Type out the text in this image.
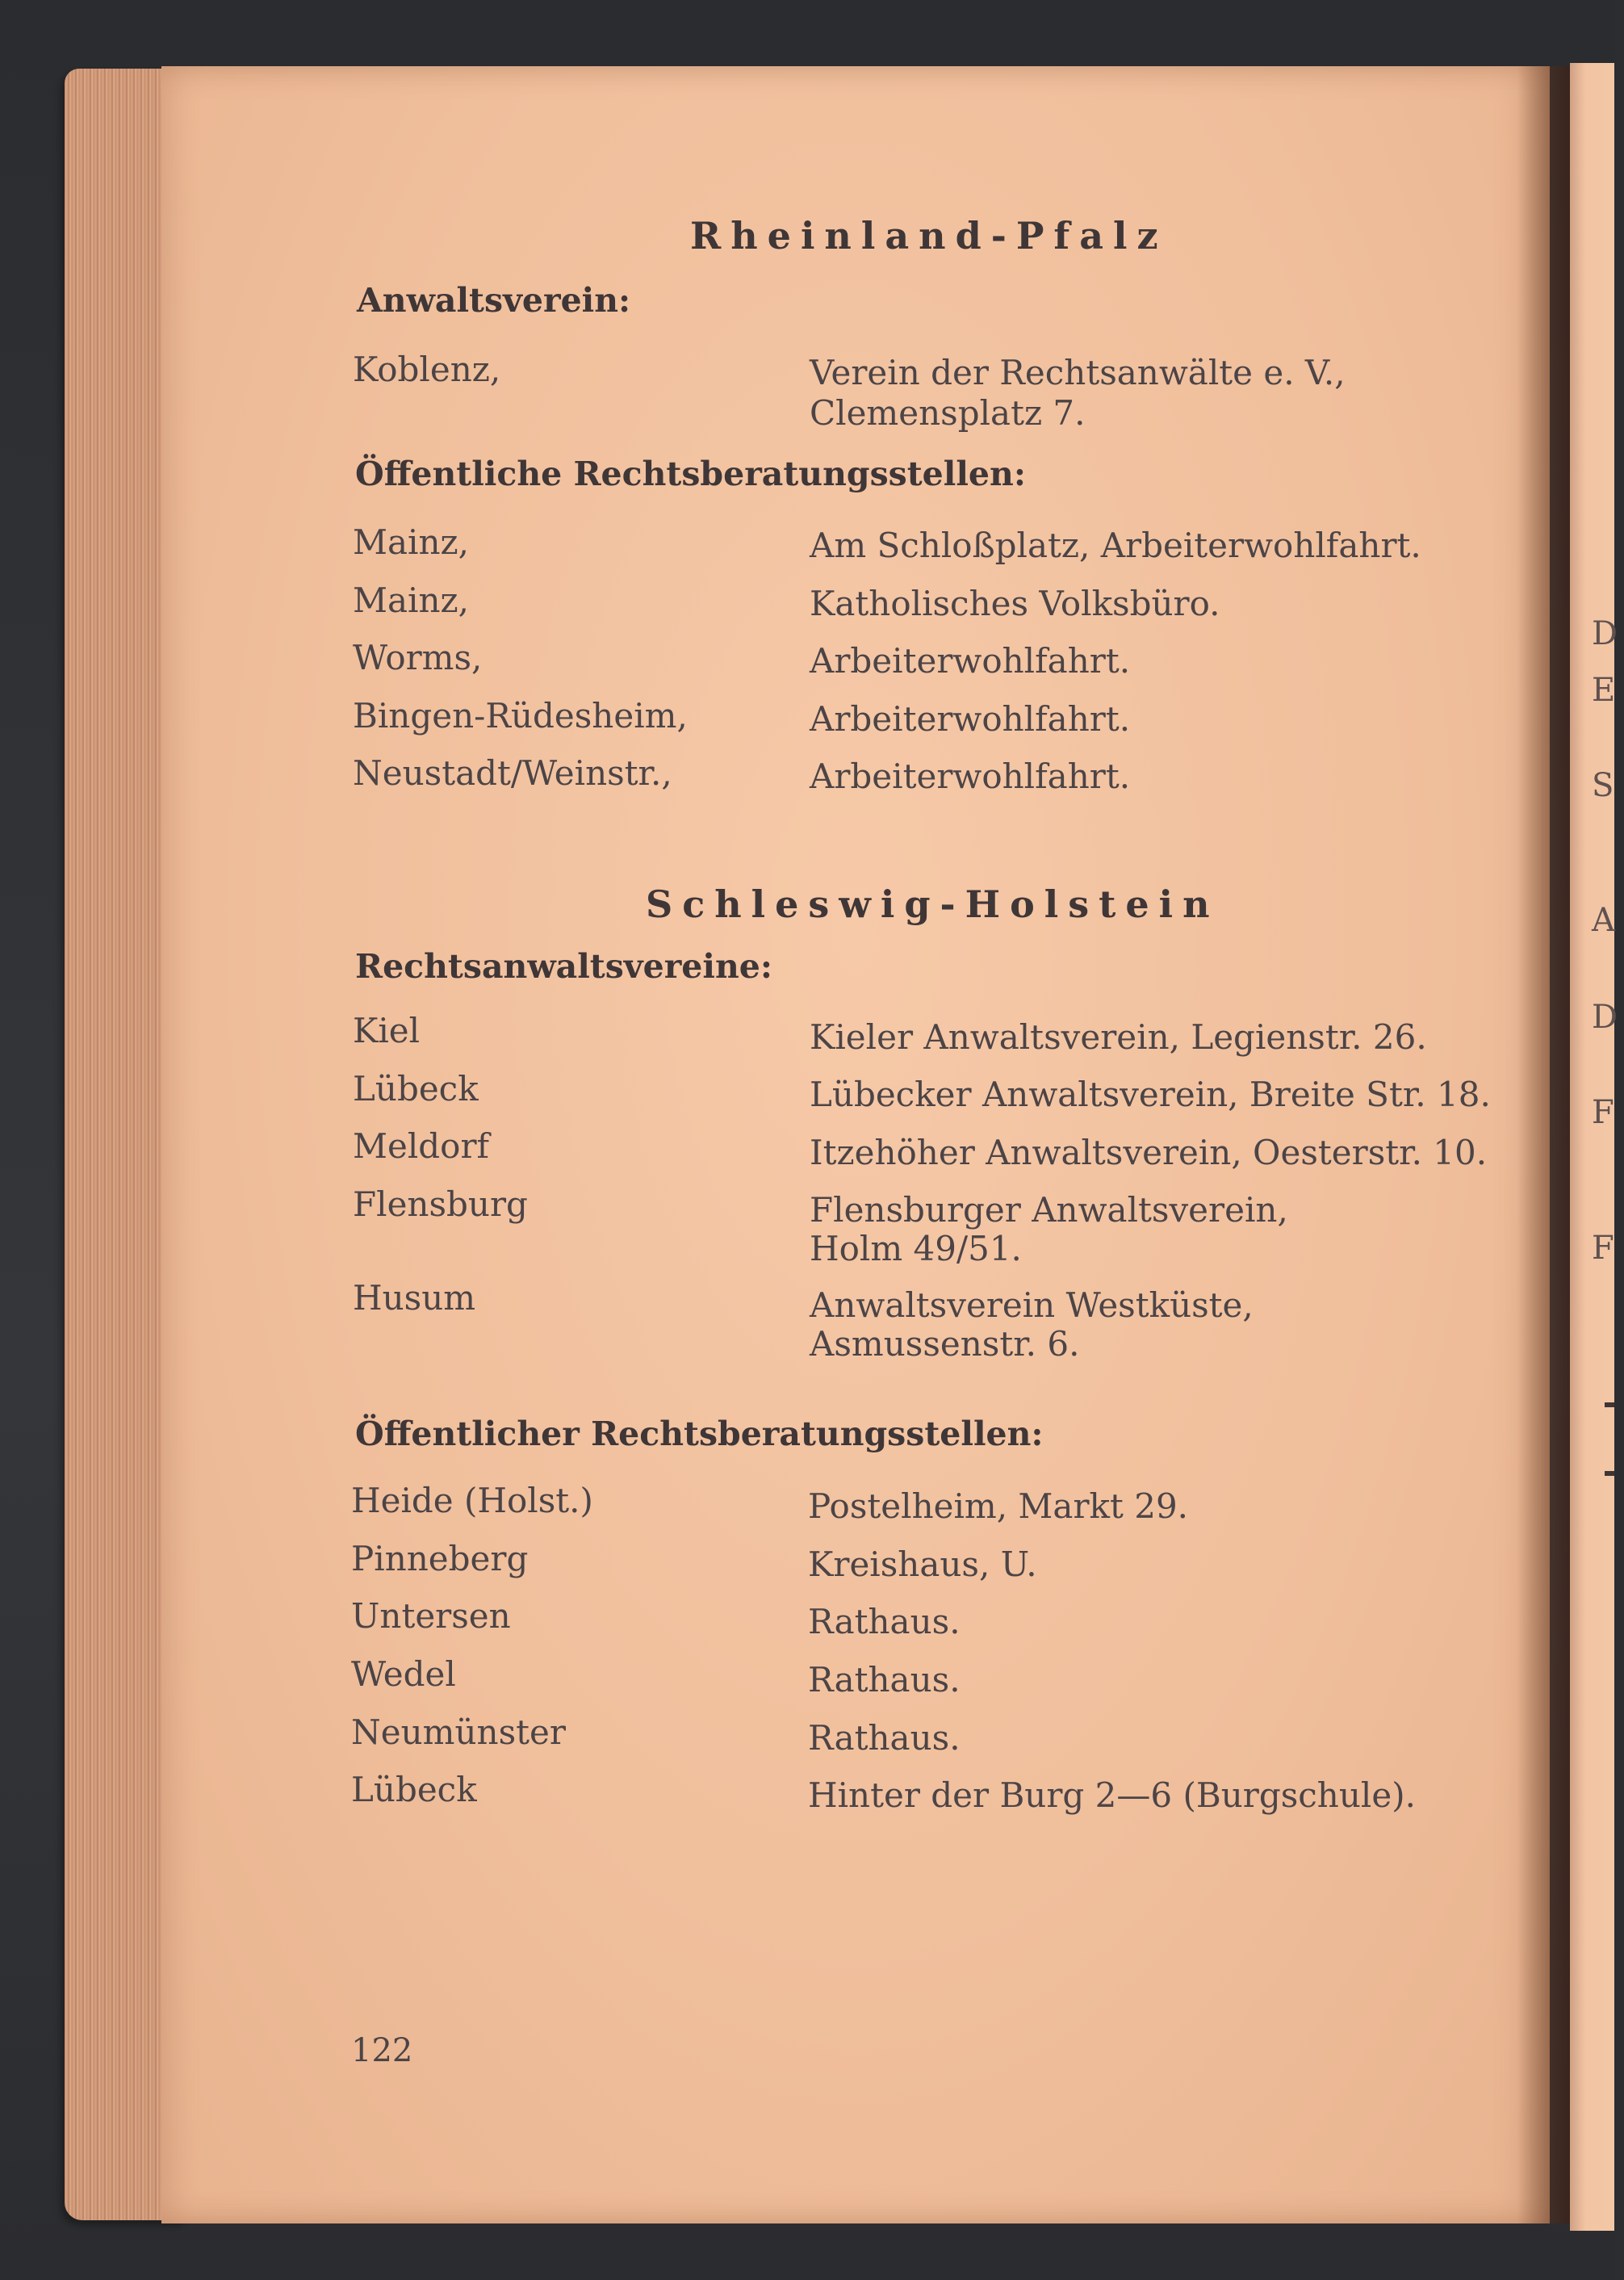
D
E
S
A
D
F
F
Rheinland-Pfalz
Anwaltsverein:
Koblenz,	Verein der Rechtsanwälte e. V.,
Clemensplatz 7.
Öffentliche Rechtsberatungsstellen:
Mainz,	Am Schloßplatz, Arbeiterwohlfahrt.
Mainz,	Katholisches Volksbüro.
Worms,	Arbeiterwohlfahrt.
Bingen-Rüdesheim,	Arbeiterwohlfahrt.
Neustadt/Weinstr.,	Arbeiterwohlfahrt.
Schleswig-Holstein
Rechtsanwaltsvereine:
Kiel	Kieler Anwaltsverein, Legienstr. 26.
Lübeck	Lübecker Anwaltsverein, Breite Str. 18.
Meldorf	Itzehöher Anwaltsverein, Oesterstr. 10.
Flensburg	Flensburger Anwaltsverein,
Holm 49/51.
Husum	Anwaltsverein Westküste,
Asmussenstr. 6.
Öffentlicher Rechtsberatungsstellen:
Heide (Holst.)	Postelheim, Markt 29.
Pinneberg	Kreishaus, U.
Untersen	Rathaus.
Wedel	Rathaus.
Neumünster	Rathaus.
Lübeck	Hinter der Burg 2—6 (Burgschule).
122
